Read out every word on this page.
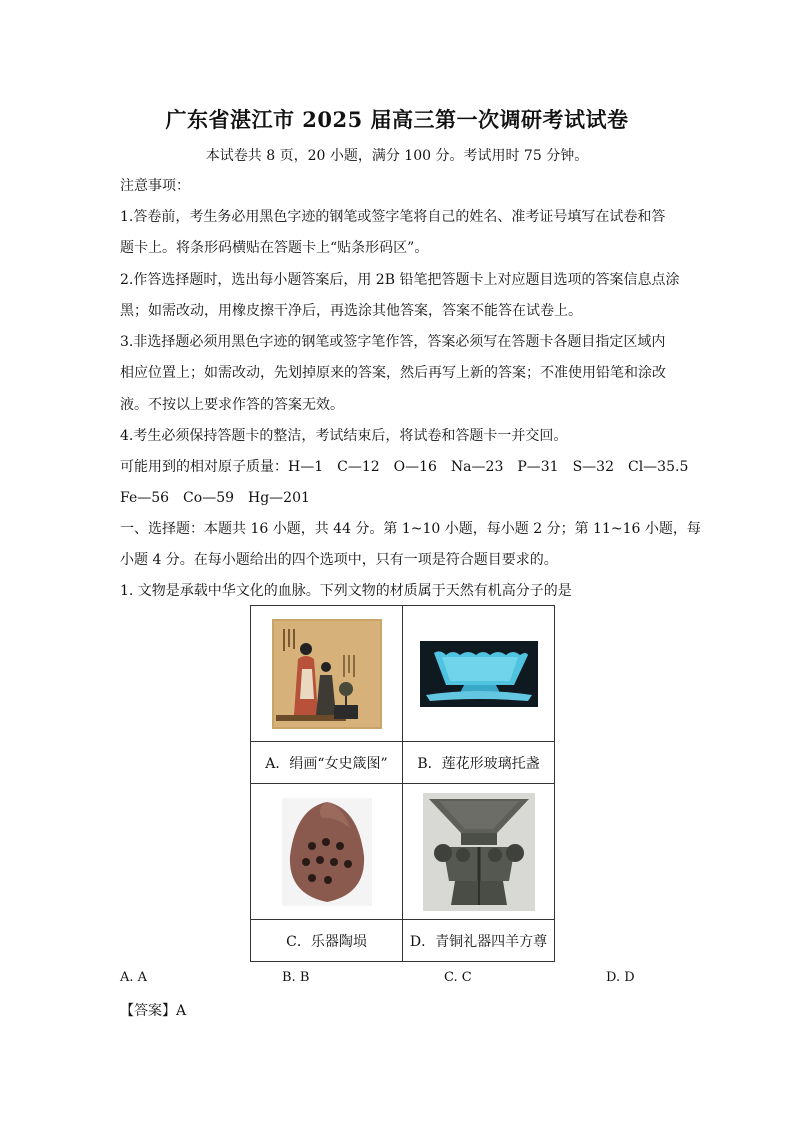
广东省湛江市 2025 届高三第一次调研考试试卷
本试卷共 8 页，20 小题，满分 100 分。考试用时 75 分钟。
注意事项：
1.答卷前，考生务必用黑色字迹的钢笔或签字笔将自己的姓名、准考证号填写在试卷和答
题卡上。将条形码横贴在答题卡上“贴条形码区”。
2.作答选择题时，选出每小题答案后，用 2B 铅笔把答题卡上对应题目选项的答案信息点涂
黑；如需改动，用橡皮擦干净后，再选涂其他答案，答案不能答在试卷上。
3.非选择题必须用黑色字迹的钢笔或签字笔作答，答案必须写在答题卡各题目指定区域内
相应位置上；如需改动，先划掉原来的答案，然后再写上新的答案；不准使用铅笔和涂改
液。不按以上要求作答的答案无效。
4.考生必须保持答题卡的整洁，考试结束后，将试卷和答题卡一并交回。
可能用到的相对原子质量：H—1　C—12　O—16　Na—23　P—31　S—32　Cl—35.5
Fe—56　Co—59　Hg—201
一、选择题：本题共 16 小题，共 44 分。第 1~10 小题，每小题 2 分；第 11~16 小题，每
小题 4 分。在每小题给出的四个选项中，只有一项是符合题目要求的。
1. 文物是承载中华文化的血脉。下列文物的材质属于天然有机高分子的是

A．绢画“女史箴图”	B．莲花形玻璃托盏

C．乐器陶埙	D．青铜礼器四羊方尊
A. A	B. B	C. C	D. D
【答案】A
